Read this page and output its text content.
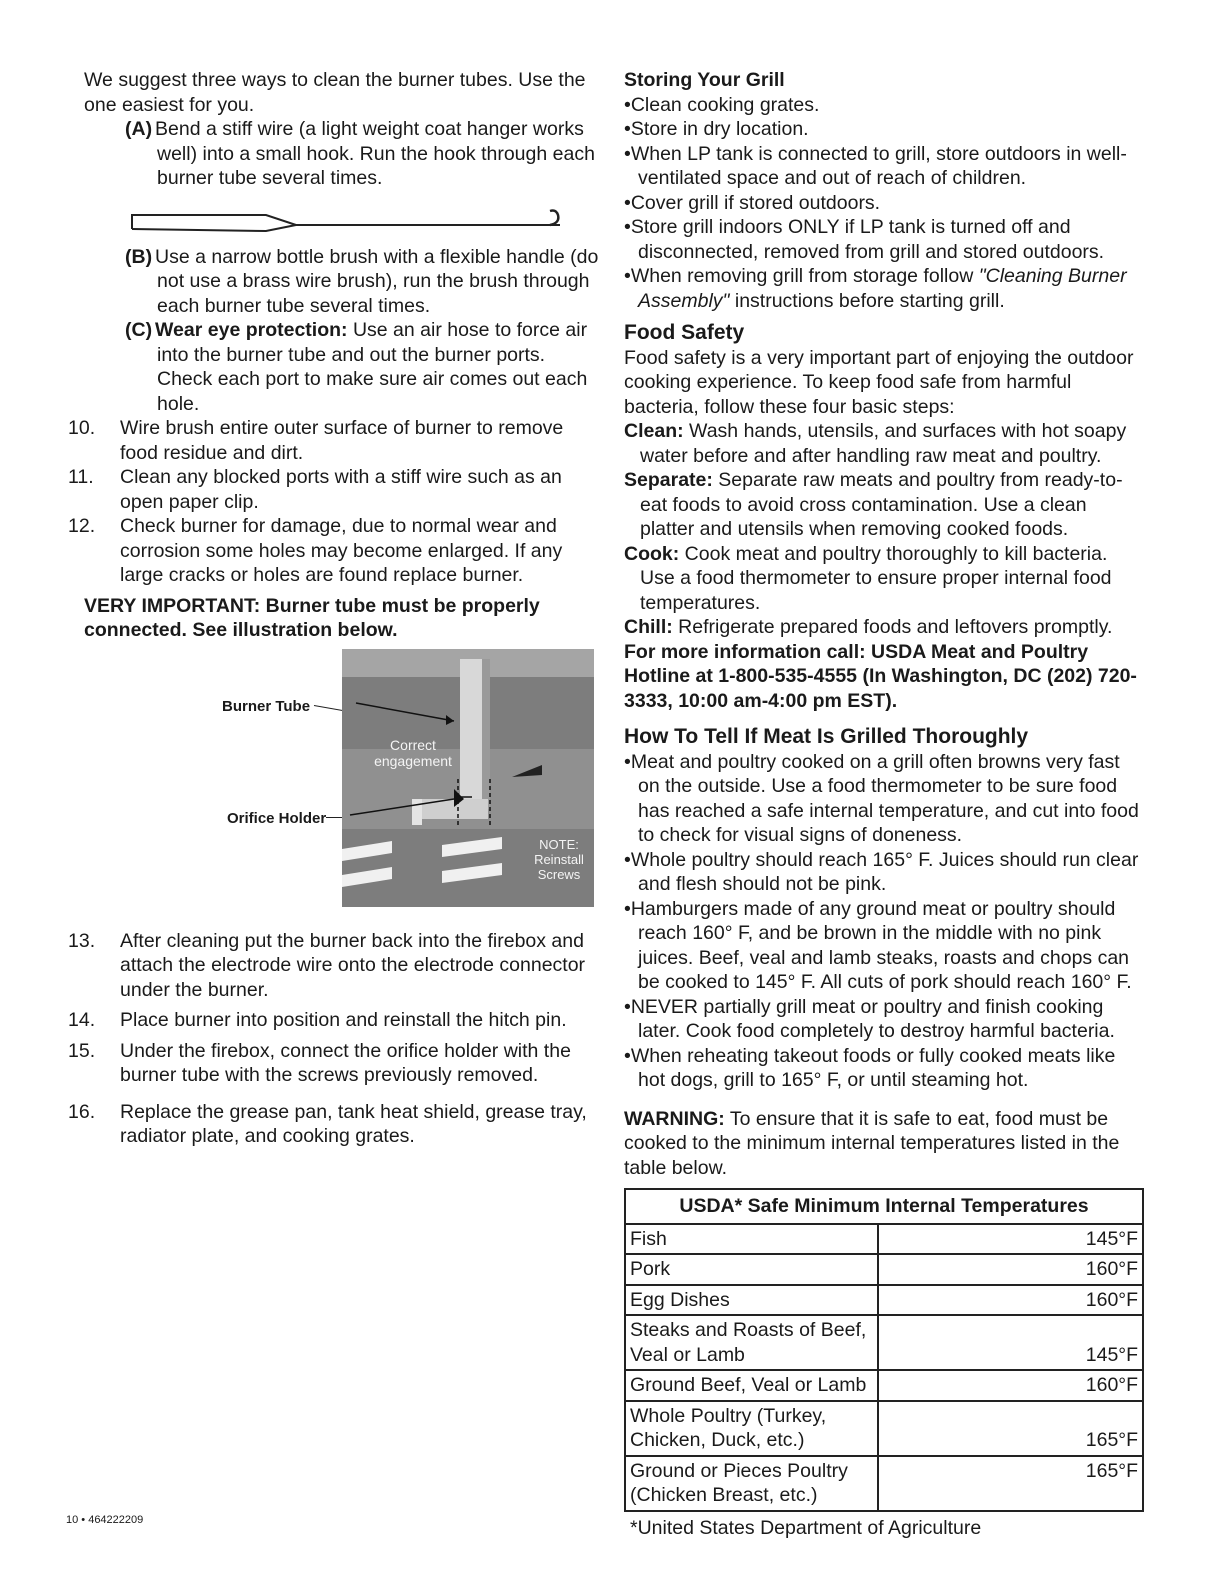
We suggest three ways to clean the burner tubes. Use the one easiest for you.

(A) Bend a stiff wire (a light weight coat hanger works well) into a small hook. Run the hook through each burner tube several times.

(B) Use a narrow bottle brush with a flexible handle (do not use a brass wire brush), run the brush through each burner tube several times.

(C) Wear eye protection: Use an air hose to force air into the burner tube and out the burner ports. Check each port to make sure air comes out each hole.

10. Wire brush entire outer surface of burner to remove food residue and dirt.

11. Clean any blocked ports with a stiff wire such as an open paper clip.

12. Check burner for damage, due to normal wear and corrosion some holes may become enlarged. If any large cracks or holes are found replace burner.

VERY IMPORTANT: Burner tube must be properly connected. See illustration below.

Burner Tube
Orifice Holder
Correct engagement
NOTE: Reinstall Screws

13. After cleaning put the burner back into the firebox and attach the electrode wire onto the electrode connector under the burner.

14. Place burner into position and reinstall the hitch pin.

15. Under the firebox, connect the orifice holder with the burner tube with the screws previously removed.

16. Replace the grease pan, tank heat shield, grease tray, radiator plate, and cooking grates.

Storing Your Grill

•Clean cooking grates.

•Store in dry location.

•When LP tank is connected to grill, store outdoors in well-ventilated space and out of reach of children.

•Cover grill if stored outdoors.

•Store grill indoors ONLY if LP tank is turned off and disconnected, removed from grill and stored outdoors.

•When removing grill from storage follow "Cleaning Burner Assembly" instructions before starting grill.

Food Safety

Food safety is a very important part of enjoying the outdoor cooking experience. To keep food safe from harmful bacteria, follow these four basic steps:

Clean: Wash hands, utensils, and surfaces with hot soapy water before and after handling raw meat and poultry.

Separate: Separate raw meats and poultry from ready-to-eat foods to avoid cross contamination. Use a clean platter and utensils when removing cooked foods.

Cook: Cook meat and poultry thoroughly to kill bacteria. Use a food thermometer to ensure proper internal food temperatures.

Chill: Refrigerate prepared foods and leftovers promptly.

For more information call: USDA Meat and Poultry Hotline at 1-800-535-4555 (In Washington, DC (202) 720-3333, 10:00 am-4:00 pm EST).

How To Tell If Meat Is Grilled Thoroughly

•Meat and poultry cooked on a grill often browns very fast on the outside. Use a food thermometer to be sure food has reached a safe internal temperature, and cut into food to check for visual signs of doneness.

•Whole poultry should reach 165° F. Juices should run clear and flesh should not be pink.

•Hamburgers made of any ground meat or poultry should reach 160° F, and be brown in the middle with no pink juices. Beef, veal and lamb steaks, roasts and chops can be cooked to 145° F. All cuts of pork should reach 160° F.

•NEVER partially grill meat or poultry and finish cooking later. Cook food completely to destroy harmful bacteria.

•When reheating takeout foods or fully cooked meats like hot dogs, grill to 165° F, or until steaming hot.

WARNING: To ensure that it is safe to eat, food must be cooked to the minimum internal temperatures listed in the table below.

USDA* Safe Minimum Internal Temperatures	
Fish	145°F
Pork	160°F
Egg Dishes	160°F
Steaks and Roasts of Beef, Veal or Lamb	145°F
Ground Beef, Veal or Lamb	160°F
Whole Poultry (Turkey, Chicken, Duck, etc.)	165°F
Ground or Pieces Poultry (Chicken Breast, etc.)	165°F

*United States Department of Agriculture

10 • 464222209
